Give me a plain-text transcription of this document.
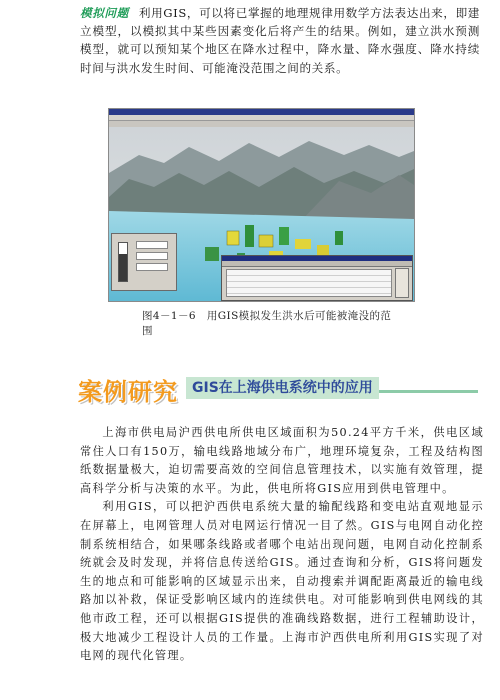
模拟问题 利用GIS，可以将已掌握的地理规律用数学方法表达出来，即建立模型，以模拟其中某些因素变化后将产生的结果。例如，建立洪水预测模型，就可以预知某个地区在降水过程中，降水量、降水强度、降水持续时间与洪水发生时间、可能淹没范围之间的关系。
图4－1－6　用GIS模拟发生洪水后可能被淹没的范围
案例研究	GIS在上海供电系统中的应用

上海市供电局沪西供电所供电区域面积为50.24平方千米，供电区域常住人口有150万，输电线路地域分布广，地理环境复杂，工程及结构图纸数据量极大，迫切需要高效的空间信息管理技术，以实施有效管理，提高科学分析与决策的水平。为此，供电所将GIS应用到供电管理中。

利用GIS，可以把沪西供电系统大量的输配线路和变电站直观地显示在屏幕上，电网管理人员对电网运行情况一目了然。GIS与电网自动化控制系统相结合，如果哪条线路或者哪个电站出现问题，电网自动化控制系统就会及时发现，并将信息传送给GIS。通过查询和分析，GIS将问题发生的地点和可能影响的区域显示出来，自动搜索并调配距离最近的输电线路加以补救，保证受影响区域内的连续供电。对可能影响到供电网线的其他市政工程，还可以根据GIS提供的准确线路数据，进行工程辅助设计，极大地减少工程设计人员的工作量。上海市沪西供电所利用GIS实现了对电网的现代化管理。
